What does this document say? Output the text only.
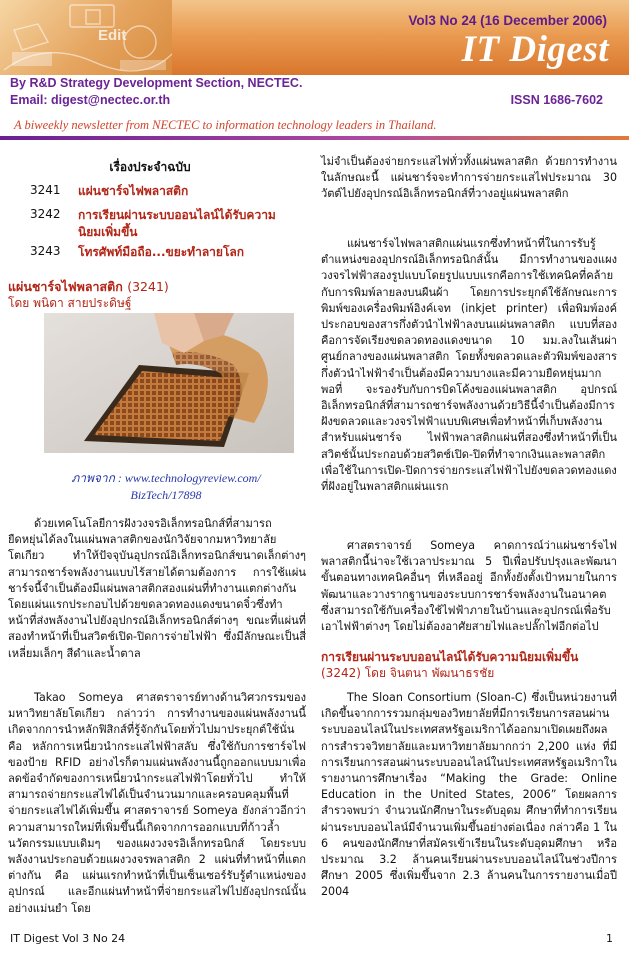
Edit
Vol3 No 24 (16 December 2006)
IT Digest
By R&D Strategy Development Section, NECTEC.
Email: digest@nectec.or.th	ISSN 1686-7602
A biweekly newsletter from NECTEC to information technology leaders in Thailand.
เรื่องประจำฉบับ
3241 แผ่นชาร์จไฟพลาสติก
3242 การเรียนผ่านระบบออนไลน์ได้รับความนิยมเพิ่มขึ้น
3243 โทรศัพท์มือถือ...ขยะทำลายโลก
แผ่นชาร์จไฟพลาสติก (3241)
โดย พนิดา สายประดิษฐ์
ภาพจาก : www.technologyreview.com/
BizTech/17898
ด้วยเทคโนโลยีการฝังวงจรอิเล็กทรอนิกส์ที่สามารถยืดหยุ่นได้ลงในแผ่นพลาสติกของนักวิจัยจากมหาวิทยาลัยโตเกียว ทำให้ปัจจุบันอุปกรณ์อิเล็กทรอนิกส์ขนาดเล็กต่างๆ สามารถชาร์จพลังงานแบบไร้สายได้ตามต้องการ การใช้แผ่นชาร์จนี้จำเป็นต้องมีแผ่นพลาสติกสองแผ่นที่ทำงานแตกต่างกัน โดยแผ่นแรกประกอบไปด้วยขดลวดทองแดงขนาดจิ๋วซึ่งทำหน้าที่ส่งพลังงานไปยังอุปกรณ์อิเล็กทรอนิกส์ต่างๆ ขณะที่แผ่นที่สองทำหน้าที่เป็นสวิตช์เปิด-ปิดการจ่ายไฟฟ้า ซึ่งมีลักษณะเป็นสี่เหลี่ยมเล็กๆ สีดำและน้ำตาล
Takao Someya ศาสตราจารย์ทางด้านวิศวกรรมของมหาวิทยาลัยโตเกียว กล่าวว่า การทำงานของแผ่นพลังงานนี้เกิดจากการนำหลักฟิสิกส์ที่รู้จักกันโดยทั่วไปมาประยุกต์ใช้นั่นคือ หลักการเหนี่ยวนำกระแสไฟฟ้าสลับ ซึ่งใช้กับการชาร์จไฟของป้าย RFID อย่างไรก็ตามแผ่นพลังงานนี้ถูกออกแบบมาเพื่อลดข้อจำกัดของการเหนี่ยวนำกระแสไฟฟ้าโดยทั่วไป ทำให้สามารถจ่ายกระแสไฟได้เป็นจำนวนมากและครอบคลุมพื้นที่จ่ายกระแสไฟได้เพิ่มขึ้น ศาสตราจารย์ Someya ยังกล่าวอีกว่า ความสามารถใหม่ที่เพิ่มขึ้นนี้เกิดจากการออกแบบที่ก้าวล้ำนวัตกรรมแบบเดิมๆ ของแผงวงจรอิเล็กทรอนิกส์ โดยระบบพลังงานประกอบด้วยแผงวงจรพลาสติก 2 แผ่นที่ทำหน้าที่แตกต่างกัน คือ แผ่นแรกทำหน้าที่เป็นเซ็นเซอร์รับรู้ตำแหน่งของอุปกรณ์ และอีกแผ่นทำหน้าที่จ่ายกระแสไฟไปยังอุปกรณ์นั้นอย่างแม่นยำ โดย
ไม่จำเป็นต้องจ่ายกระแสไฟทั่วทั้งแผ่นพลาสติก ด้วยการทำงานในลักษณะนี้ แผ่นชาร์จจะทำการจ่ายกระแสไฟประมาณ 30 วัตต์ไปยังอุปกรณ์อิเล็กทรอนิกส์ที่วางอยู่แผ่นพลาสติก
แผ่นชาร์จไฟพลาสติกแผ่นแรกซึ่งทำหน้าที่ในการรับรู้ตำแหน่งของอุปกรณ์อิเล็กทรอนิกส์นั้น มีการทำงานของแผงวงจรไฟฟ้าสองรูปแบบโดยรูปแบบแรกคือการใช้เทคนิคที่คล้ายกับการพิมพ์ลายลงบนผืนผ้า โดยการประยุกต์ใช้ลักษณะการพิมพ์ของเครื่องพิมพ์อิงค์เจท (inkjet printer) เพื่อพิมพ์องค์ประกอบของสารกึ่งตัวนำไฟฟ้าลงบนแผ่นพลาสติก แบบที่สองคือการจัดเรียงขดลวดทองแดงขนาด 10 มม.ลงในเส้นผ่าศูนย์กลางของแผ่นพลาสติก โดยทั้งขดลวดและตัวพิมพ์ของสารกึ่งตัวนำไฟฟ้าจำเป็นต้องมีความบางและมีความยืดหยุ่นมากพอที่ จะรองรับกับการบิดโค้งของแผ่นพลาสติก อุปกรณ์อิเล็กทรอนิกส์ที่สามารถชาร์จพลังงานด้วยวิธีนี้จำเป็นต้องมีการฝังขดลวดและวงจรไฟฟ้าแบบพิเศษเพื่อทำหน้าที่เก็บพลังงาน สำหรับแผ่นชาร์จ ไฟฟ้าพลาสติกแผ่นที่สองซึ่งทำหน้าที่เป็นสวิตช์นั้นประกอบด้วยสวิตช์เปิด-ปิดที่ทำจากเงินและพลาสติกเพื่อใช้ในการเปิด-ปิดการจ่ายกระแสไฟฟ้าไปยังขดลวดทองแดงที่ฝังอยู่ในพลาสติกแผ่นแรก
ศาสตราจารย์ Someya คาดการณ์ว่าแผ่นชาร์จไฟพลาสติกนี้น่าจะใช้เวลาประมาณ 5 ปีเพื่อปรับปรุงและพัฒนาขั้นตอนทางเทคนิคอื่นๆ ที่เหลืออยู่ อีกทั้งยังตั้งเป้าหมายในการพัฒนาและวางรากฐานของระบบการชาร์จพลังงานในอนาคต ซึ่งสามารถใช้กับเครื่องใช้ไฟฟ้าภายในบ้านและอุปกรณ์เพื่อรับเอาไฟฟ้าต่างๆ โดยไม่ต้องอาศัยสายไฟและปลั๊กไฟอีกต่อไป
การเรียนผ่านระบบออนไลน์ได้รับความนิยมเพิ่มขึ้น
(3242) โดย จินตนา พัฒนาธรชัย
The Sloan Consortium (Sloan-C) ซึ่งเป็นหน่วยงานที่เกิดขึ้นจากการรวมกลุ่มของวิทยาลัยที่มีการเรียนการสอนผ่านระบบออนไลน์ในประเทศสหรัฐอเมริกาได้ออกมาเปิดเผยถึงผลการสำรวจวิทยาลัยและมหาวิทยาลัยมากกว่า 2,200 แห่ง ที่มีการเรียนการสอนผ่านระบบออนไลน์ในประเทศสหรัฐอเมริกาในรายงานการศึกษาเรื่อง “Making the Grade: Online Education in the United States, 2006” โดยผลการสำรวจพบว่า จำนวนนักศึกษาในระดับอุดม ศึกษาที่ทำการเรียนผ่านระบบออนไลน์มีจำนวนเพิ่มขึ้นอย่างต่อเนื่อง กล่าวคือ 1 ใน 6 คนของนักศึกษาที่สมัครเข้าเรียนในระดับอุดมศึกษา หรือประมาณ 3.2 ล้านคนเรียนผ่านระบบออนไลน์ในช่วงปีการศึกษา 2005 ซึ่งเพิ่มขึ้นจาก 2.3 ล้านคนในการรายงานเมื่อปี 2004
IT Digest Vol 3 No 24	1
